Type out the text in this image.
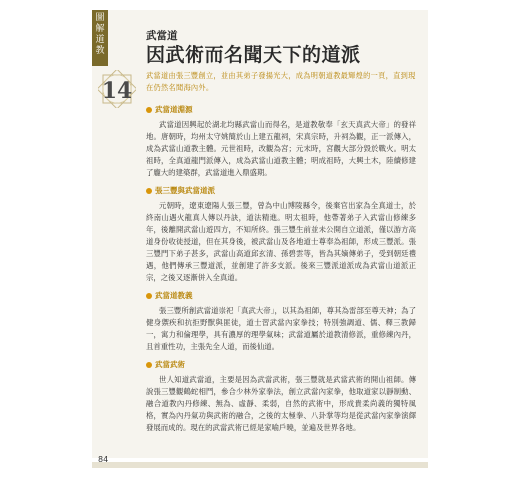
圖
解
道
教
14
武當道
因武術而名聞天下的道派
武當道由張三豐創立，並由其弟子發揚光大，成為明朝道教最輝煌的一頁，直到現在仍然名聞海內外。
武當道淵源

武當道因興起於湖北均縣武當山而得名，是道教敬奉「玄天真武大帝」的發祥地。唐朝時，均州太守姚簡於山上建五龍祠，宋真宗時，升祠為觀，正一派傳入，成為武當山道教主體。元世祖時，改觀為宮；元末時，宮觀大部分毀於戰火。明太祖時，全真道龍門派傳入，成為武當山道教主體；明成祖時，大興土木，陸續修建了龐大的建築群，武當道進入鼎盛期。

張三豐與武當道派

元朝時，遼東遼陽人張三豐，曾為中山博陵縣令，後棄官出家為全真道士，於終南山遇火龍真人傳以丹訣，道法精進。明太祖時，他帶著弟子入武當山修練多年，後離開武當山遊四方，不知所終。張三豐生前並未公開自立道派，僅以游方高道身份收徒授道，但在其身後，被武當山及各地道士尊奉為祖師，形成三豐派。張三豐門下弟子甚多，武當山高道邱玄清、孫碧雲等，皆為其嫡傳弟子，受到朝廷禮遇，他們傳承三豐道派，並創建了許多支派。後來三豐派道派成為武當山道派正宗，之後又逐漸併入全真道。

武當道教義

張三豐所創武當道崇祀「真武大帝」，以其為祖師，尊其為雷部至尊天神；為了健身禦疾和抗拒野獸與匪徒，道士習武當內家拳技；特別強調道、儒、釋三教歸一，寓力和倫理學，具有濃厚的理學氣味；武當道屬於道教清修派，重修練內丹，且首重性功，主張先全人道，而後仙道。

武當武術

世人知道武當道，主要是因為武當武術，張三豐就是武當武術的開山祖師。傳說張三豐觀鶴蛇相鬥，參合少林外家拳法，創立武當內家拳，他取道家以靜制動、融合道教內丹修練、無為、虛靜、柔弱，自然的武術中，形成貴柔尚義的獨特風格，實為內丹氣功與武術的融合，之後的太極拳、八卦掌等均是從武當內家拳演繹發展而成的。現在的武當武術已經是家喻戶曉，並遍及世界各地。

84
